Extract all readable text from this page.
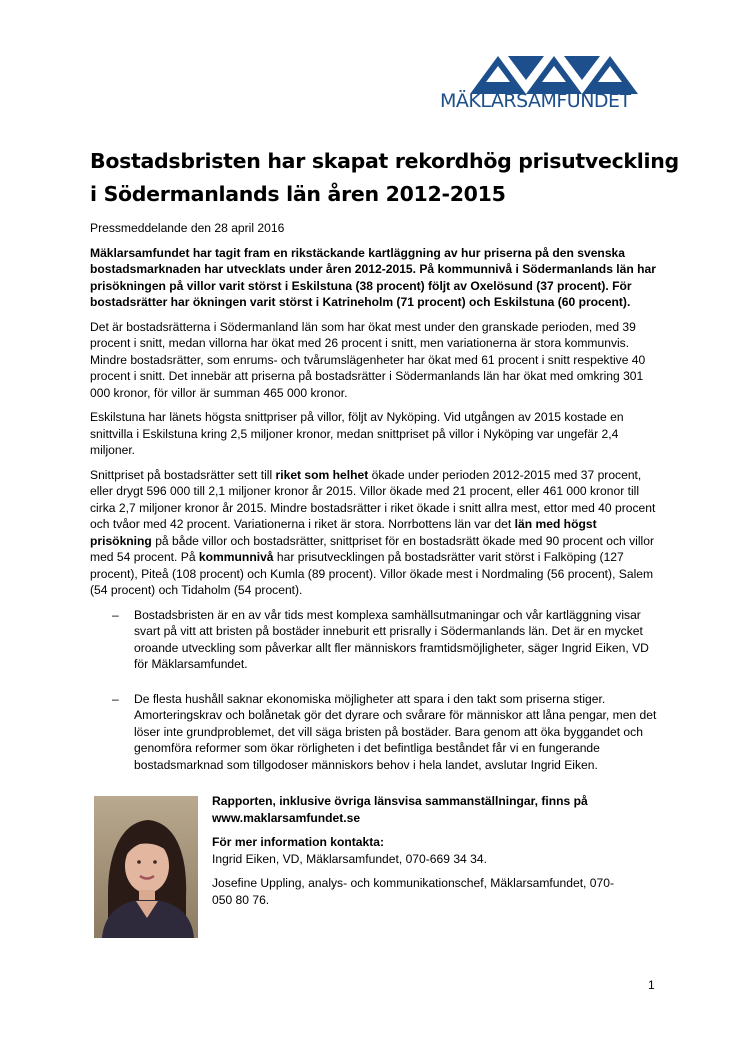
MÄKLARSAMFUNDET
Bostadsbristen har skapat rekordhög prisutveckling i Södermanlands län åren 2012-2015

Pressmeddelande den 28 april 2016

Mäklarsamfundet har tagit fram en rikstäckande kartläggning av hur priserna på den svenska bostadsmarknaden har utvecklats under åren 2012-2015. På kommunnivå i Södermanlands län har prisökningen på villor varit störst i Eskilstuna (38 procent) följt av Oxelösund (37 procent). För bostadsrätter har ökningen varit störst i Katrineholm (71 procent) och Eskilstuna (60 procent).

Det är bostadsrätterna i Södermanland län som har ökat mest under den granskade perioden, med 39 procent i snitt, medan villorna har ökat med 26 procent i snitt, men variationerna är stora kommunvis. Mindre bostadsrätter, som enrums- och tvårumslägenheter har ökat med 61 procent i snitt respektive 40 procent i snitt. Det innebär att priserna på bostadsrätter i Södermanlands län har ökat med omkring 301 000 kronor, för villor är summan 465 000 kronor.

Eskilstuna har länets högsta snittpriser på villor, följt av Nyköping. Vid utgången av 2015 kostade en snittvilla i Eskilstuna kring 2,5 miljoner kronor, medan snittpriset på villor i Nyköping var ungefär 2,4 miljoner.

Snittpriset på bostadsrätter sett till riket som helhet ökade under perioden 2012-2015 med 37 procent, eller drygt 596 000 till 2,1 miljoner kronor år 2015. Villor ökade med 21 procent, eller 461 000 kronor till cirka 2,7 miljoner kronor år 2015. Mindre bostadsrätter i riket ökade i snitt allra mest, ettor med 40 procent och tvåor med 42 procent. Variationerna i riket är stora. Norrbottens län var det län med högst prisökning på både villor och bostadsrätter, snittpriset för en bostadsrätt ökade med 90 procent och villor med 54 procent. På kommunnivå har prisutvecklingen på bostadsrätter varit störst i Falköping (127 procent), Piteå (108 procent) och Kumla (89 procent). Villor ökade mest i Nordmaling (56 procent), Salem (54 procent) och Tidaholm (54 procent).

– Bostadsbristen är en av vår tids mest komplexa samhällsutmaningar och vår kartläggning visar svart på vitt att bristen på bostäder inneburit ett prisrally i Södermanlands län. Det är en mycket oroande utveckling som påverkar allt fler människors framtidsmöjligheter, säger Ingrid Eiken, VD för Mäklarsamfundet.
– De flesta hushåll saknar ekonomiska möjligheter att spara i den takt som priserna stiger. Amorteringskrav och bolånetak gör det dyrare och svårare för människor att låna pengar, men det löser inte grundproblemet, det vill säga bristen på bostäder. Bara genom att öka byggandet och genomföra reformer som ökar rörligheten i det befintliga beståndet får vi en fungerande bostadsmarknad som tillgodoser människors behov i hela landet, avslutar Ingrid Eiken.

Rapporten, inklusive övriga länsvisa sammanställningar, finns på www.maklarsamfundet.se

För mer information kontakta:
Ingrid Eiken, VD, Mäklarsamfundet, 070-669 34 34.

Josefine Uppling, analys- och kommunikationschef, Mäklarsamfundet, 070-050 80 76.

1
